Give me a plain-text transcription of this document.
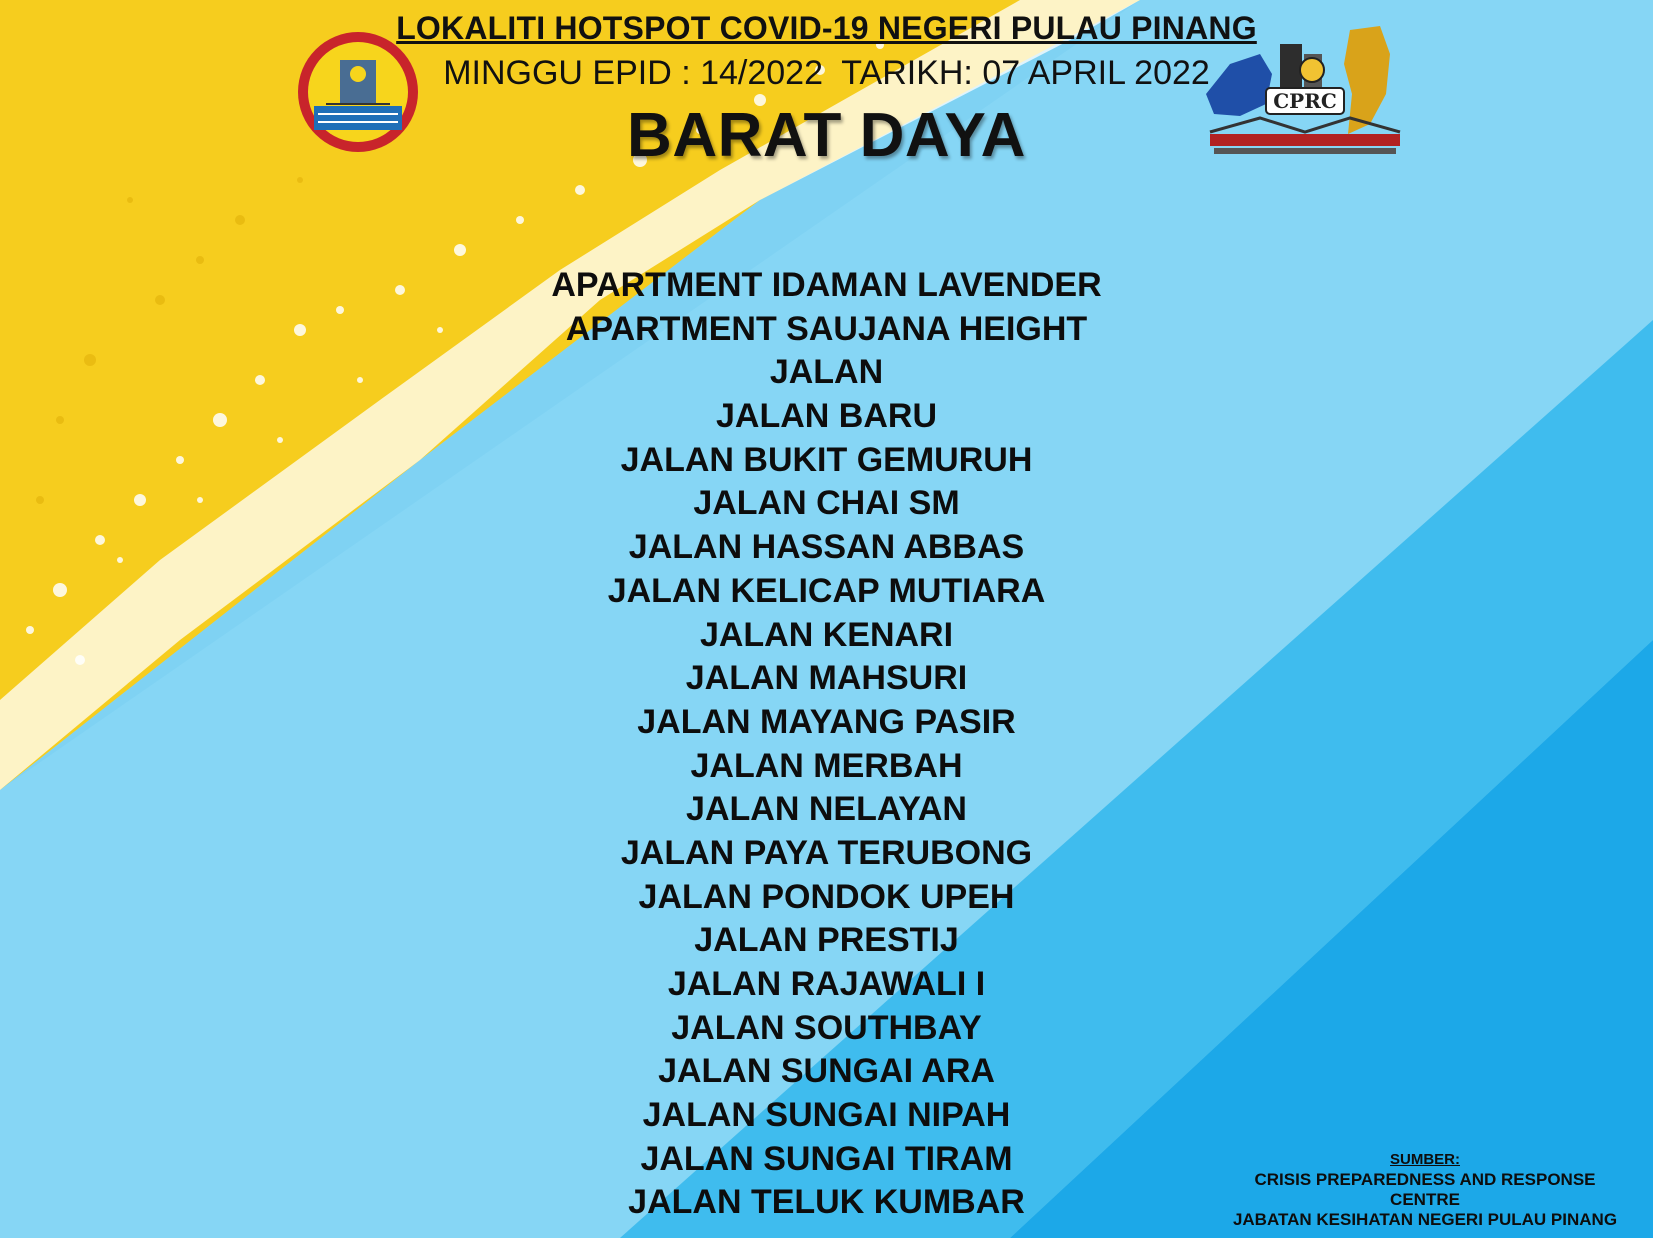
CPRC
LOKALITI HOTSPOT COVID-19 NEGERI PULAU PINANG
MINGGU EPID : 14/2022  TARIKH: 07 APRIL 2022
BARAT DAYA
APARTMENT IDAMAN LAVENDER
APARTMENT SAUJANA HEIGHT
JALAN
JALAN BARU
JALAN BUKIT GEMURUH
JALAN CHAI SM
JALAN HASSAN ABBAS
JALAN KELICAP MUTIARA
JALAN KENARI
JALAN MAHSURI
JALAN MAYANG PASIR
JALAN MERBAH
JALAN NELAYAN
JALAN PAYA TERUBONG
JALAN PONDOK UPEH
JALAN PRESTIJ
JALAN RAJAWALI I
JALAN SOUTHBAY
JALAN SUNGAI ARA
JALAN SUNGAI NIPAH
JALAN SUNGAI TIRAM
JALAN TELUK KUMBAR
SUMBER:
CRISIS PREPAREDNESS AND RESPONSE
CENTRE
JABATAN KESIHATAN NEGERI PULAU PINANG
